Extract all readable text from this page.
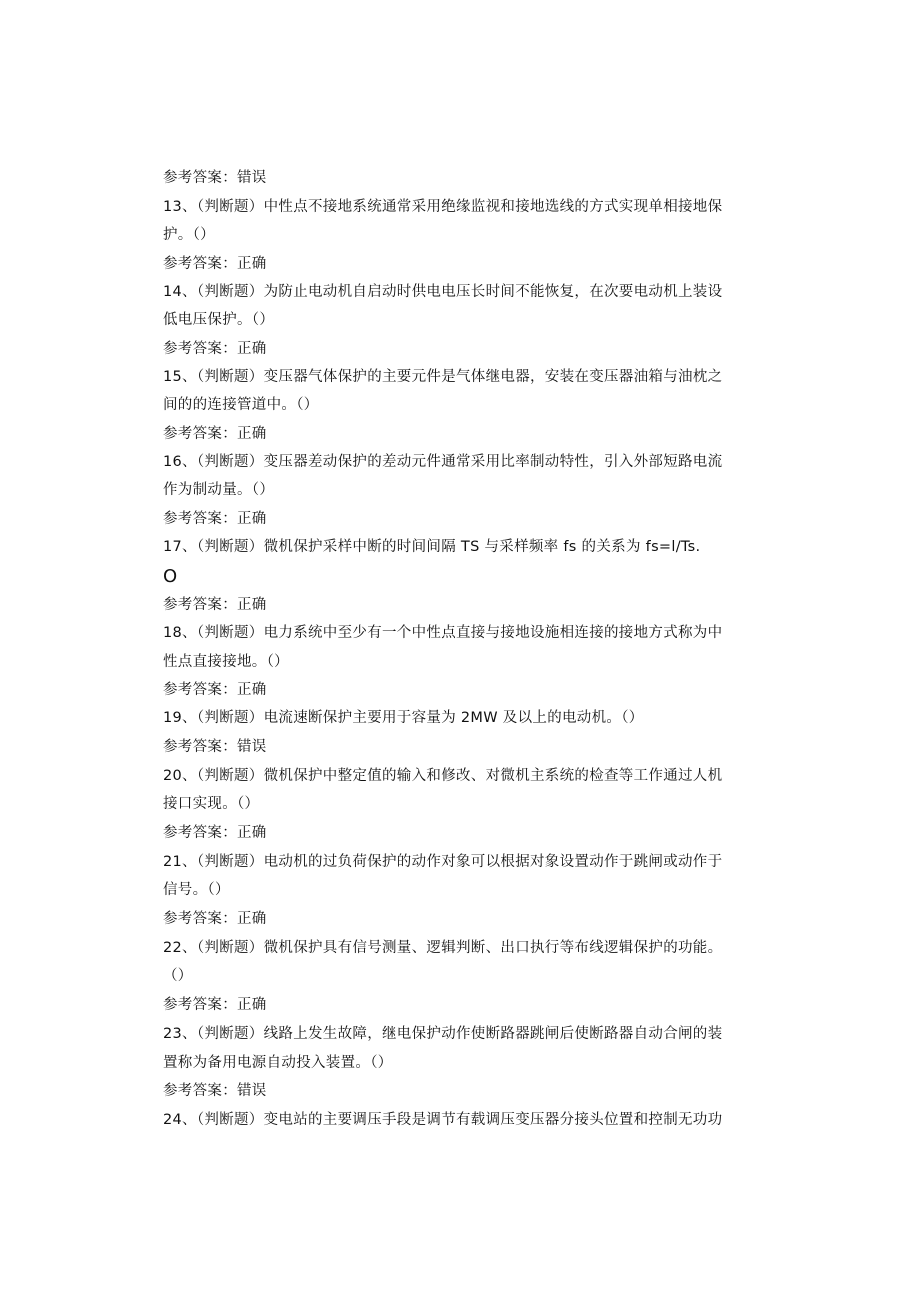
参考答案：错误
13、（判断题）中性点不接地系统通常采用绝缘监视和接地选线的方式实现单相接地保
护。（）
参考答案：正确
14、（判断题）为防止电动机自启动时供电电压长时间不能恢复，在次要电动机上装设
低电压保护。（）
参考答案：正确
15、（判断题）变压器气体保护的主要元件是气体继电器，安装在变压器油箱与油枕之
间的的连接管道中。（）
参考答案：正确
16、（判断题）变压器差动保护的差动元件通常采用比率制动特性，引入外部短路电流
作为制动量。（）
参考答案：正确
17、（判断题）微机保护采样中断的时间间隔 TS 与采样频率 fs 的关系为 fs=l/Ts.
O
参考答案：正确
18、（判断题）电力系统中至少有一个中性点直接与接地设施相连接的接地方式称为中
性点直接接地。（）
参考答案：正确
19、（判断题）电流速断保护主要用于容量为 2MW 及以上的电动机。（）
参考答案：错误
20、（判断题）微机保护中整定值的输入和修改、对微机主系统的检查等工作通过人机
接口实现。（）
参考答案：正确
21、（判断题）电动机的过负荷保护的动作对象可以根据对象设置动作于跳闸或动作于
信号。（）
参考答案：正确
22、（判断题）微机保护具有信号测量、逻辑判断、出口执行等布线逻辑保护的功能。
（）
参考答案：正确
23、（判断题）线路上发生故障，继电保护动作使断路器跳闸后使断路器自动合闸的装
置称为备用电源自动投入装置。（）
参考答案：错误
24、（判断题）变电站的主要调压手段是调节有载调压变压器分接头位置和控制无功功
